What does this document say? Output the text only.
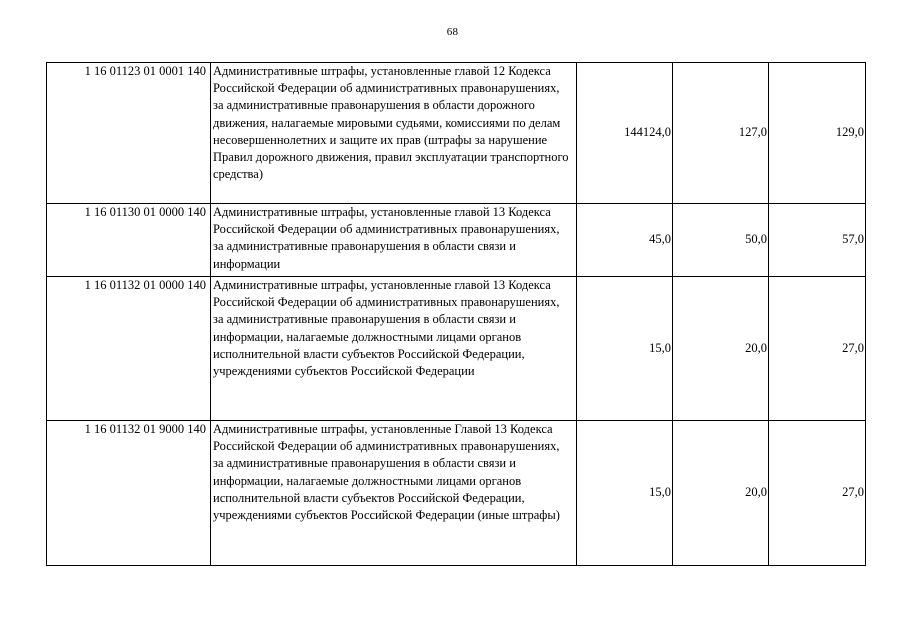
68
1 16 01123 01 0001 140	Административные штрафы, установленные главой 12 Кодекса Российской Федерации об административных правонарушениях, за административные правонарушения в области дорожного движения, налагаемые мировыми судьями, комиссиями по делам несовершеннолетних и защите их прав (штрафы за нарушение Правил дорожного движения, правил эксплуатации транспортного средства)	144124,0	127,0	129,0
1 16 01130 01 0000 140	Административные штрафы, установленные главой 13 Кодекса Российской Федерации об административных правонарушениях, за административные правонарушения в области связи и информации	45,0	50,0	57,0
1 16 01132 01 0000 140	Административные штрафы, установленные главой 13 Кодекса Российской Федерации об административных правонарушениях, за административные правонарушения в области связи и информации, налагаемые должностными лицами органов исполнительной власти субъектов Российской Федерации, учреждениями субъектов Российской Федерации	15,0	20,0	27,0
1 16 01132 01 9000 140	Административные штрафы, установленные Главой 13 Кодекса Российской Федерации об административных правонарушениях, за административные правонарушения в области связи и информации, налагаемые должностными лицами органов исполнительной власти субъектов Российской Федерации, учреждениями субъектов Российской Федерации (иные штрафы)	15,0	20,0	27,0
